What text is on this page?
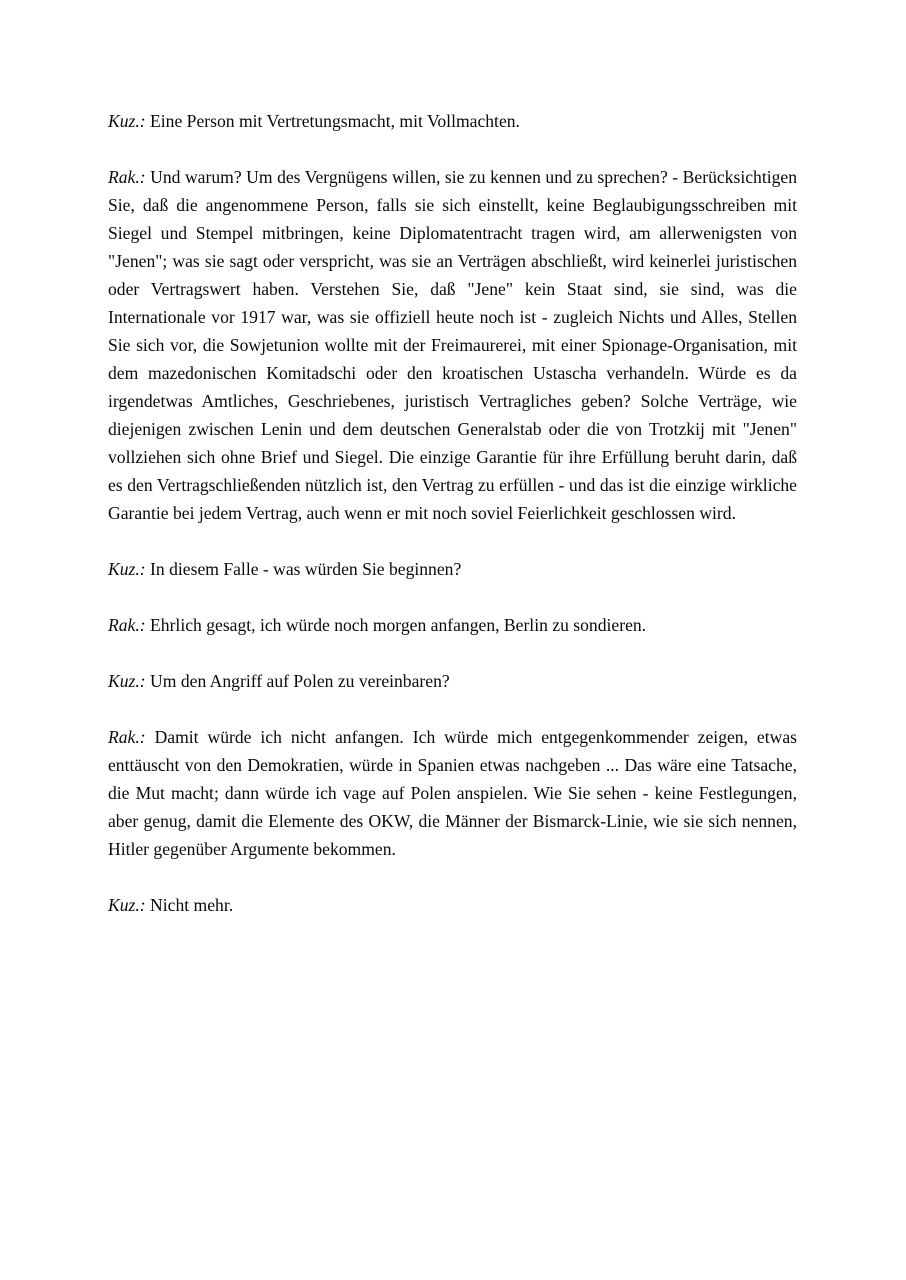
Kuz.: Eine Person mit Vertretungsmacht, mit Vollmachten.

Rak.: Und warum? Um des Vergnügens willen, sie zu kennen und zu sprechen? - Berücksichtigen Sie, daß die angenommene Person, falls sie sich einstellt, keine Beglaubigungsschreiben mit Siegel und Stempel mitbringen, keine Diplomatentracht tragen wird, am allerwenigsten von "Jenen"; was sie sagt oder verspricht, was sie an Verträgen abschließt, wird keinerlei juristischen oder Vertragswert haben. Verstehen Sie, daß "Jene" kein Staat sind, sie sind, was die Internationale vor 1917 war, was sie offiziell heute noch ist - zugleich Nichts und Alles, Stellen Sie sich vor, die Sowjetunion wollte mit der Freimaurerei, mit einer Spionage-Organisation, mit dem mazedonischen Komitadschi oder den kroatischen Ustascha verhandeln. Würde es da irgendetwas Amtliches, Geschriebenes, juristisch Vertragliches geben? Solche Verträge, wie diejenigen zwischen Lenin und dem deutschen Generalstab oder die von Trotzkij mit "Jenen" vollziehen sich ohne Brief und Siegel. Die einzige Garantie für ihre Erfüllung beruht darin, daß es den Vertragschließenden nützlich ist, den Vertrag zu erfüllen - und das ist die einzige wirkliche Garantie bei jedem Vertrag, auch wenn er mit noch soviel Feierlichkeit geschlossen wird.

Kuz.: In diesem Falle - was würden Sie beginnen?

Rak.: Ehrlich gesagt, ich würde noch morgen anfangen, Berlin zu sondieren.

Kuz.: Um den Angriff auf Polen zu vereinbaren?

Rak.: Damit würde ich nicht anfangen. Ich würde mich entgegenkommender zeigen, etwas enttäuscht von den Demokratien, würde in Spanien etwas nachgeben ... Das wäre eine Tatsache, die Mut macht; dann würde ich vage auf Polen anspielen. Wie Sie sehen - keine Festlegungen, aber genug, damit die Elemente des OKW, die Männer der Bismarck-Linie, wie sie sich nennen, Hitler gegenüber Argumente bekommen.

Kuz.: Nicht mehr.
